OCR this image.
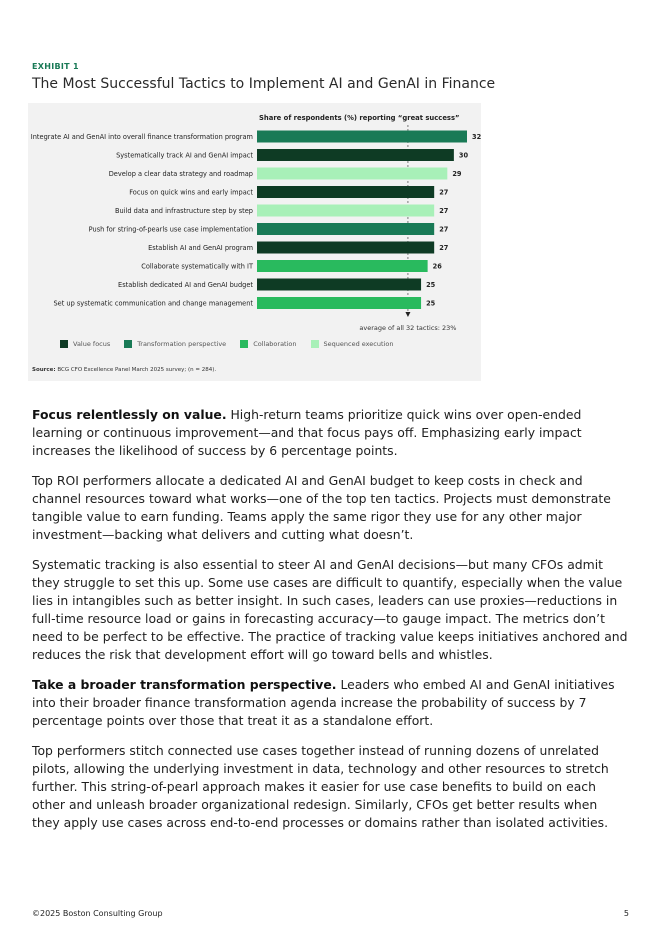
EXHIBIT 1
The Most Successful Tactics to Implement AI and GenAI in Finance
Share of respondents (%) reporting “great success”
average of all 32 tactics: 23%
Integrate AI and GenAI into overall finance transformation program	32
Systematically track AI and GenAI impact	30
Develop a clear data strategy and roadmap	29
Focus on quick wins and early impact	27
Build data and infrastructure step by step	27
Push for string-of-pearls use case implementation	27
Establish AI and GenAI program	27
Collaborate systematically with IT	26
Establish dedicated AI and GenAI budget	25
Set up systematic communication and change management	25
Value focus	Transformation perspective	Collaboration	Sequenced execution
Source: BCG CFO Excellence Panel March 2025 survey; (n = 284).

Focus relentlessly on value. High-return teams prioritize quick wins over open-ended learning or continuous improvement—and that focus pays off. Emphasizing early impact increases the likelihood of success by 6 percentage points.

Top ROI performers allocate a dedicated AI and GenAI budget to keep costs in check and channel resources toward what works—one of the top ten tactics. Projects must demonstrate tangible value to earn funding. Teams apply the same rigor they use for any other major investment—backing what delivers and cutting what doesn’t.

Systematic tracking is also essential to steer AI and GenAI decisions—but many CFOs admit they struggle to set this up. Some use cases are difficult to quantify, especially when the value lies in intangibles such as better insight. In such cases, leaders can use proxies—reductions in full-time resource load or gains in forecasting accuracy—to gauge impact. The metrics don’t need to be perfect to be effective. The practice of tracking value keeps initiatives anchored and reduces the risk that development effort will go toward bells and whistles.

Take a broader transformation perspective. Leaders who embed AI and GenAI initiatives into their broader finance transformation agenda increase the probability of success by 7 percentage points over those that treat it as a standalone effort.

Top performers stitch connected use cases together instead of running dozens of unrelated pilots, allowing the underlying investment in data, technology and other resources to stretch further. This string-of-pearl approach makes it easier for use case benefits to build on each other and unleash broader organizational redesign. Similarly, CFOs get better results when they apply use cases across end-to-end processes or domains rather than isolated activities.

©2025 Boston Consulting Group	5
